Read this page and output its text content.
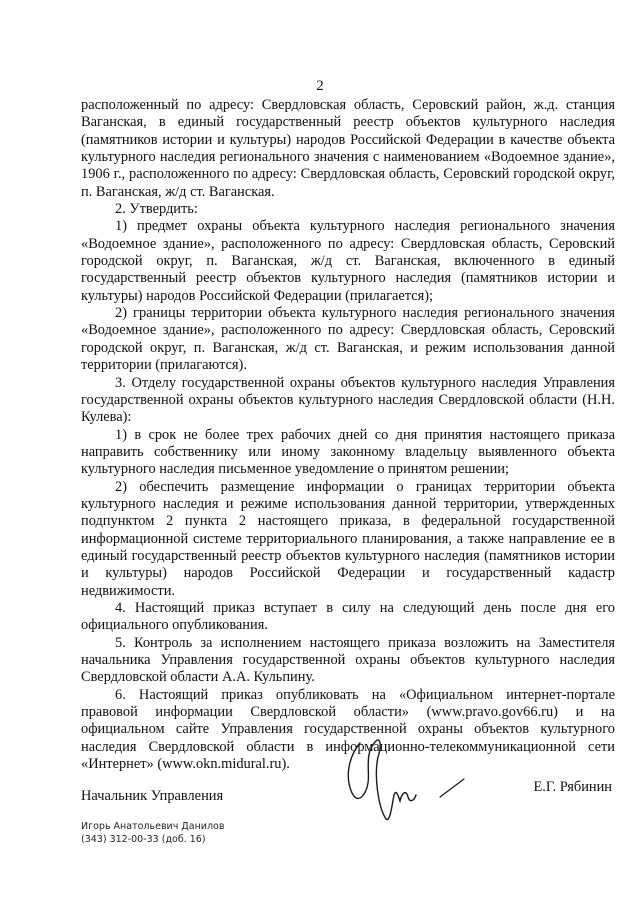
2

расположенный по адресу: Свердловская область, Серовский район, ж.д. станция Ваганская, в единый государственный реестр объектов культурного наследия (памятников истории и культуры) народов Российской Федерации в качестве объекта культурного наследия регионального значения с наименованием «Водоемное здание», 1906 г., расположенного по адресу: Свердловская область, Серовский городской округ, п. Ваганская, ж/д ст. Ваганская.

2. Утвердить:

1) предмет охраны объекта культурного наследия регионального значения «Водоемное здание», расположенного по адресу: Свердловская область, Серовский городской округ, п. Ваганская, ж/д ст. Ваганская, включенного в единый государственный реестр объектов культурного наследия (памятников истории и культуры) народов Российской Федерации (прилагается);

2) границы территории объекта культурного наследия регионального значения «Водоемное здание», расположенного по адресу: Свердловская область, Серовский городской округ, п. Ваганская, ж/д ст. Ваганская, и режим использования данной территории (прилагаются).

3. Отделу государственной охраны объектов культурного наследия Управления государственной охраны объектов культурного наследия Свердловской области (Н.Н. Кулева):

1) в срок не более трех рабочих дней со дня принятия настоящего приказа направить собственнику или иному законному владельцу выявленного объекта культурного наследия письменное уведомление о принятом решении;

2) обеспечить размещение информации о границах территории объекта культурного наследия и режиме использования данной территории, утвержденных подпунктом 2 пункта 2 настоящего приказа, в федеральной государственной информационной системе территориального планирования, а также направление ее в единый государственный реестр объектов культурного наследия (памятников истории и культуры) народов Российской Федерации и государственный кадастр недвижимости.

4. Настоящий приказ вступает в силу на следующий день после дня его официального опубликования.

5. Контроль за исполнением настоящего приказа возложить на Заместителя начальника Управления государственной охраны объектов культурного наследия Свердловской области А.А. Кульпину.

6. Настоящий приказ опубликовать на «Официальном интернет-портале правовой информации Свердловской области» (www.pravo.gov66.ru) и на официальном сайте Управления государственной охраны объектов культурного наследия Свердловской области в информационно-телекоммуникационной сети «Интернет» (www.okn.midural.ru).

Начальник Управления
Е.Г. Рябинин
Игорь Анатольевич Данилов
(343) 312-00-33 (доб. 16)
